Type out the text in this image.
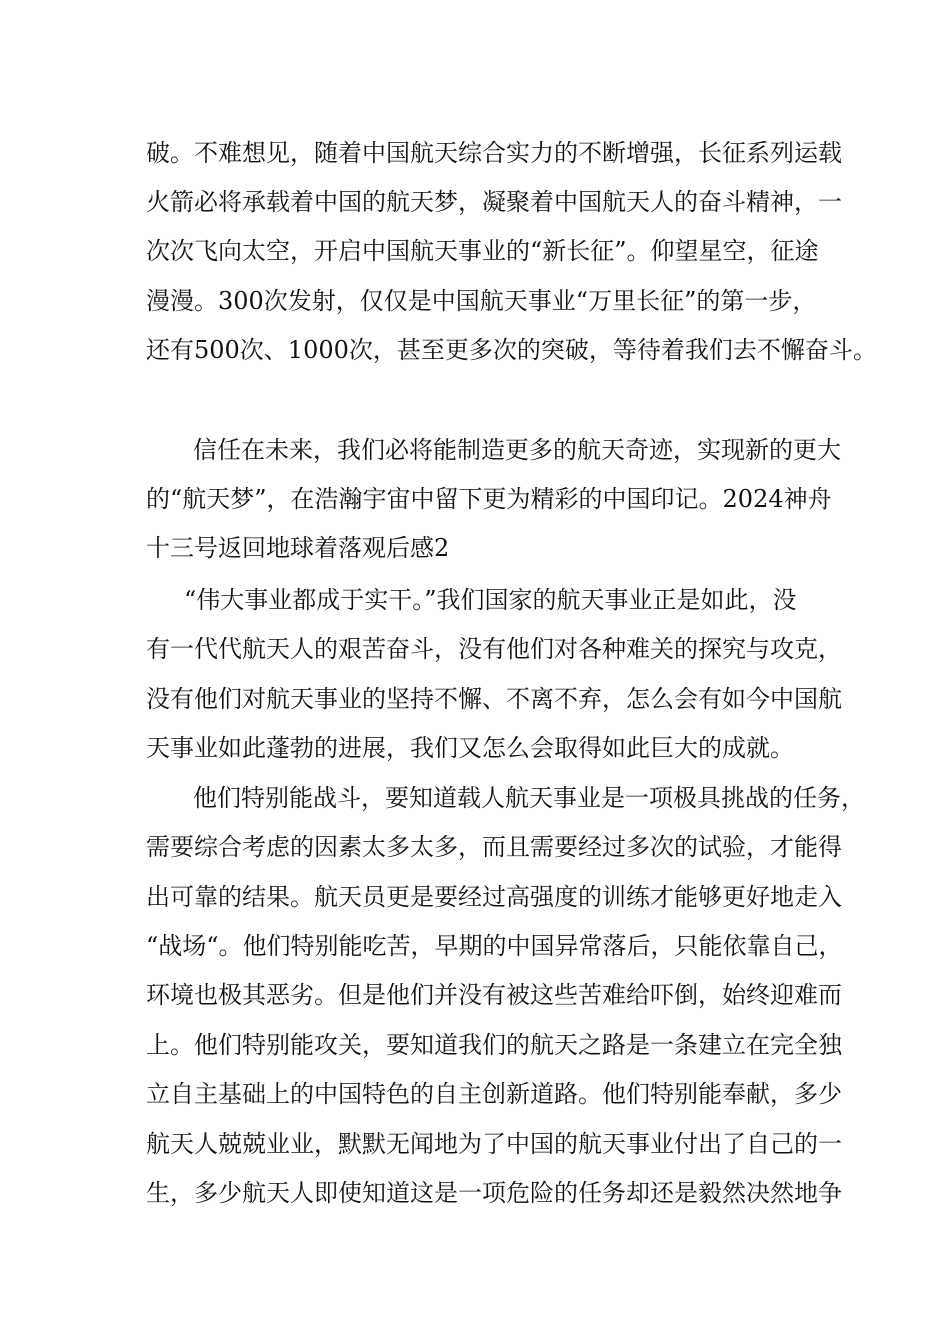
破。不难想见，随着中国航天综合实力的不断增强，长征系列运载

火箭必将承载着中国的航天梦，凝聚着中国航天人的奋斗精神，一

次次飞向太空，开启中国航天事业的“新长征”。仰望星空，征途

漫漫。300次发射，仅仅是中国航天事业“万里长征”的第一步，

还有500次、1000次，甚至更多次的突破，等待着我们去不懈奋斗。

信任在未来，我们必将能制造更多的航天奇迹，实现新的更大

的“航天梦”，在浩瀚宇宙中留下更为精彩的中国印记。2024神舟

十三号返回地球着落观后感2

“伟大事业都成于实干。”我们国家的航天事业正是如此，没

有一代代航天人的艰苦奋斗，没有他们对各种难关的探究与攻克，

没有他们对航天事业的坚持不懈、不离不弃，怎么会有如今中国航

天事业如此蓬勃的进展，我们又怎么会取得如此巨大的成就。

他们特别能战斗，要知道载人航天事业是一项极具挑战的任务，

需要综合考虑的因素太多太多，而且需要经过多次的试验，才能得

出可靠的结果。航天员更是要经过高强度的训练才能够更好地走入

“战场“。他们特别能吃苦，早期的中国异常落后，只能依靠自己，

环境也极其恶劣。但是他们并没有被这些苦难给吓倒，始终迎难而

上。他们特别能攻关，要知道我们的航天之路是一条建立在完全独

立自主基础上的中国特色的自主创新道路。他们特别能奉献，多少

航天人兢兢业业，默默无闻地为了中国的航天事业付出了自己的一

生，多少航天人即使知道这是一项危险的任务却还是毅然决然地争
